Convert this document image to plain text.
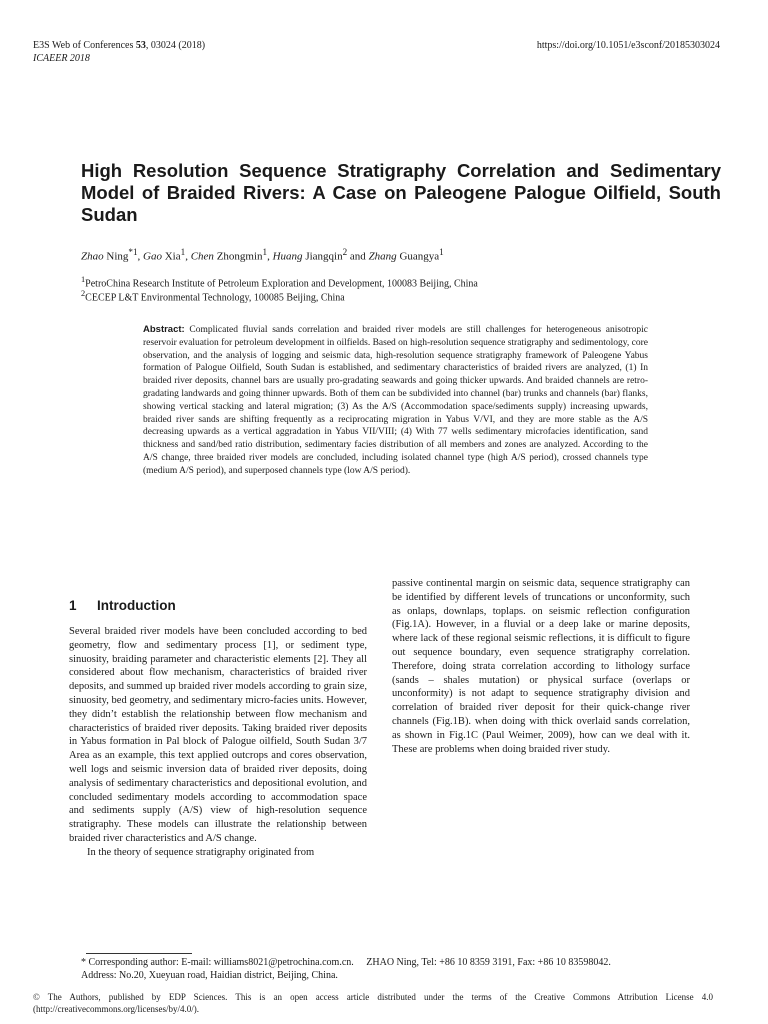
E3S Web of Conferences 53, 03024 (2018)	https://doi.org/10.1051/e3sconf/20185303024
ICAEER 2018
High Resolution Sequence Stratigraphy Correlation and Sedimentary Model of Braided Rivers: A Case on Paleogene Palogue Oilfield, South Sudan
Zhao Ning$^{*1}$, Gao Xia$^1$, Chen Zhongmin$^1$, Huang Jiangqin$^2$ and Zhang Guangya$^1$
$^1$PetroChina Research Institute of Petroleum Exploration and Development, 100083 Beijing, China
$^2$CECEP L&T Environmental Technology, 100085 Beijing, China
Abstract: Complicated fluvial sands correlation and braided river models are still challenges for heterogeneous anisotropic reservoir evaluation for petroleum development in oilfields. Based on high-resolution sequence stratigraphy and sedimentology, core observation, and the analysis of logging and seismic data, high-resolution sequence stratigraphy framework of Paleogene Yabus formation of Palogue Oilfield, South Sudan is established, and sedimentary characteristics of braided rivers are analyzed, (1) In braided river deposits, channel bars are usually pro-gradating seawards and going thicker upwards. And braided channels are retro-gradating landwards and going thinner upwards. Both of them can be subdivided into channel (bar) trunks and channels (bar) flanks, showing vertical stacking and lateral migration; (3) As the A/S (Accommodation space/sediments supply) increasing upwards, braided river sands are shifting frequently as a reciprocating migration in Yabus V/VI, and they are more stable as the A/S decreasing upwards as a vertical aggradation in Yabus VII/VIII; (4) With 77 wells sedimentary microfacies identification, sand thickness and sand/bed ratio distribution, sedimentary facies distribution of all members and zones are analyzed. According to the A/S change, three braided river models are concluded, including isolated channel type (high A/S period), crossed channels type (medium A/S period), and superposed channels type (low A/S period).
1 Introduction

Several braided river models have been concluded according to bed geometry, flow and sedimentary process [1], or sediment type, sinuosity, braiding parameter and characteristic elements [2]. They all considered about flow mechanism, characteristics of braided river deposits, and summed up braided river models according to grain size, sinuosity, bed geometry, and sedimentary micro-facies units. However, they didn’t establish the relationship between flow mechanism and characteristics of braided river deposits. Taking braided river deposits in Yabus formation in Pal block of Palogue oilfield, South Sudan 3/7 Area as an example, this text applied outcrops and cores observation, well logs and seismic inversion data of braided river deposits, doing analysis of sedimentary characteristics and depositional evolution, and concluded sedimentary models according to accommodation space and sediments supply (A/S) view of high-resolution sequence stratigraphy. These models can illustrate the relationship between braided river characteristics and A/S change.

In the theory of sequence stratigraphy originated from

passive continental margin on seismic data, sequence stratigraphy can be identified by different levels of truncations or unconformity, such as onlaps, downlaps, toplaps. on seismic reflection configuration (Fig.1A). However, in a fluvial or a deep lake or marine deposits, where lack of these regional seismic reflections, it is difficult to figure out sequence boundary, even sequence stratigraphy correlation. Therefore, doing strata correlation according to lithology surface (sands – shales mutation) or physical surface (overlaps or unconformity) is not adapt to sequence stratigraphy division and correlation of braided river deposit for their quick-change river channels (Fig.1B). when doing with thick overlaid sands correlation, as shown in Fig.1C (Paul Weimer, 2009), how can we deal with it. These are problems when doing braided river study.

* Corresponding author: E-mail: williams8021@petrochina.com.cn.     ZHAO Ning, Tel: +86 10 8359 3191, Fax: +86 10 83598042.
Address: No.20, Xueyuan road, Haidian district, Beijing, China.
© The Authors, published by EDP Sciences. This is an open access article distributed under the terms of the Creative Commons Attribution License 4.0 (http://creativecommons.org/licenses/by/4.0/).
